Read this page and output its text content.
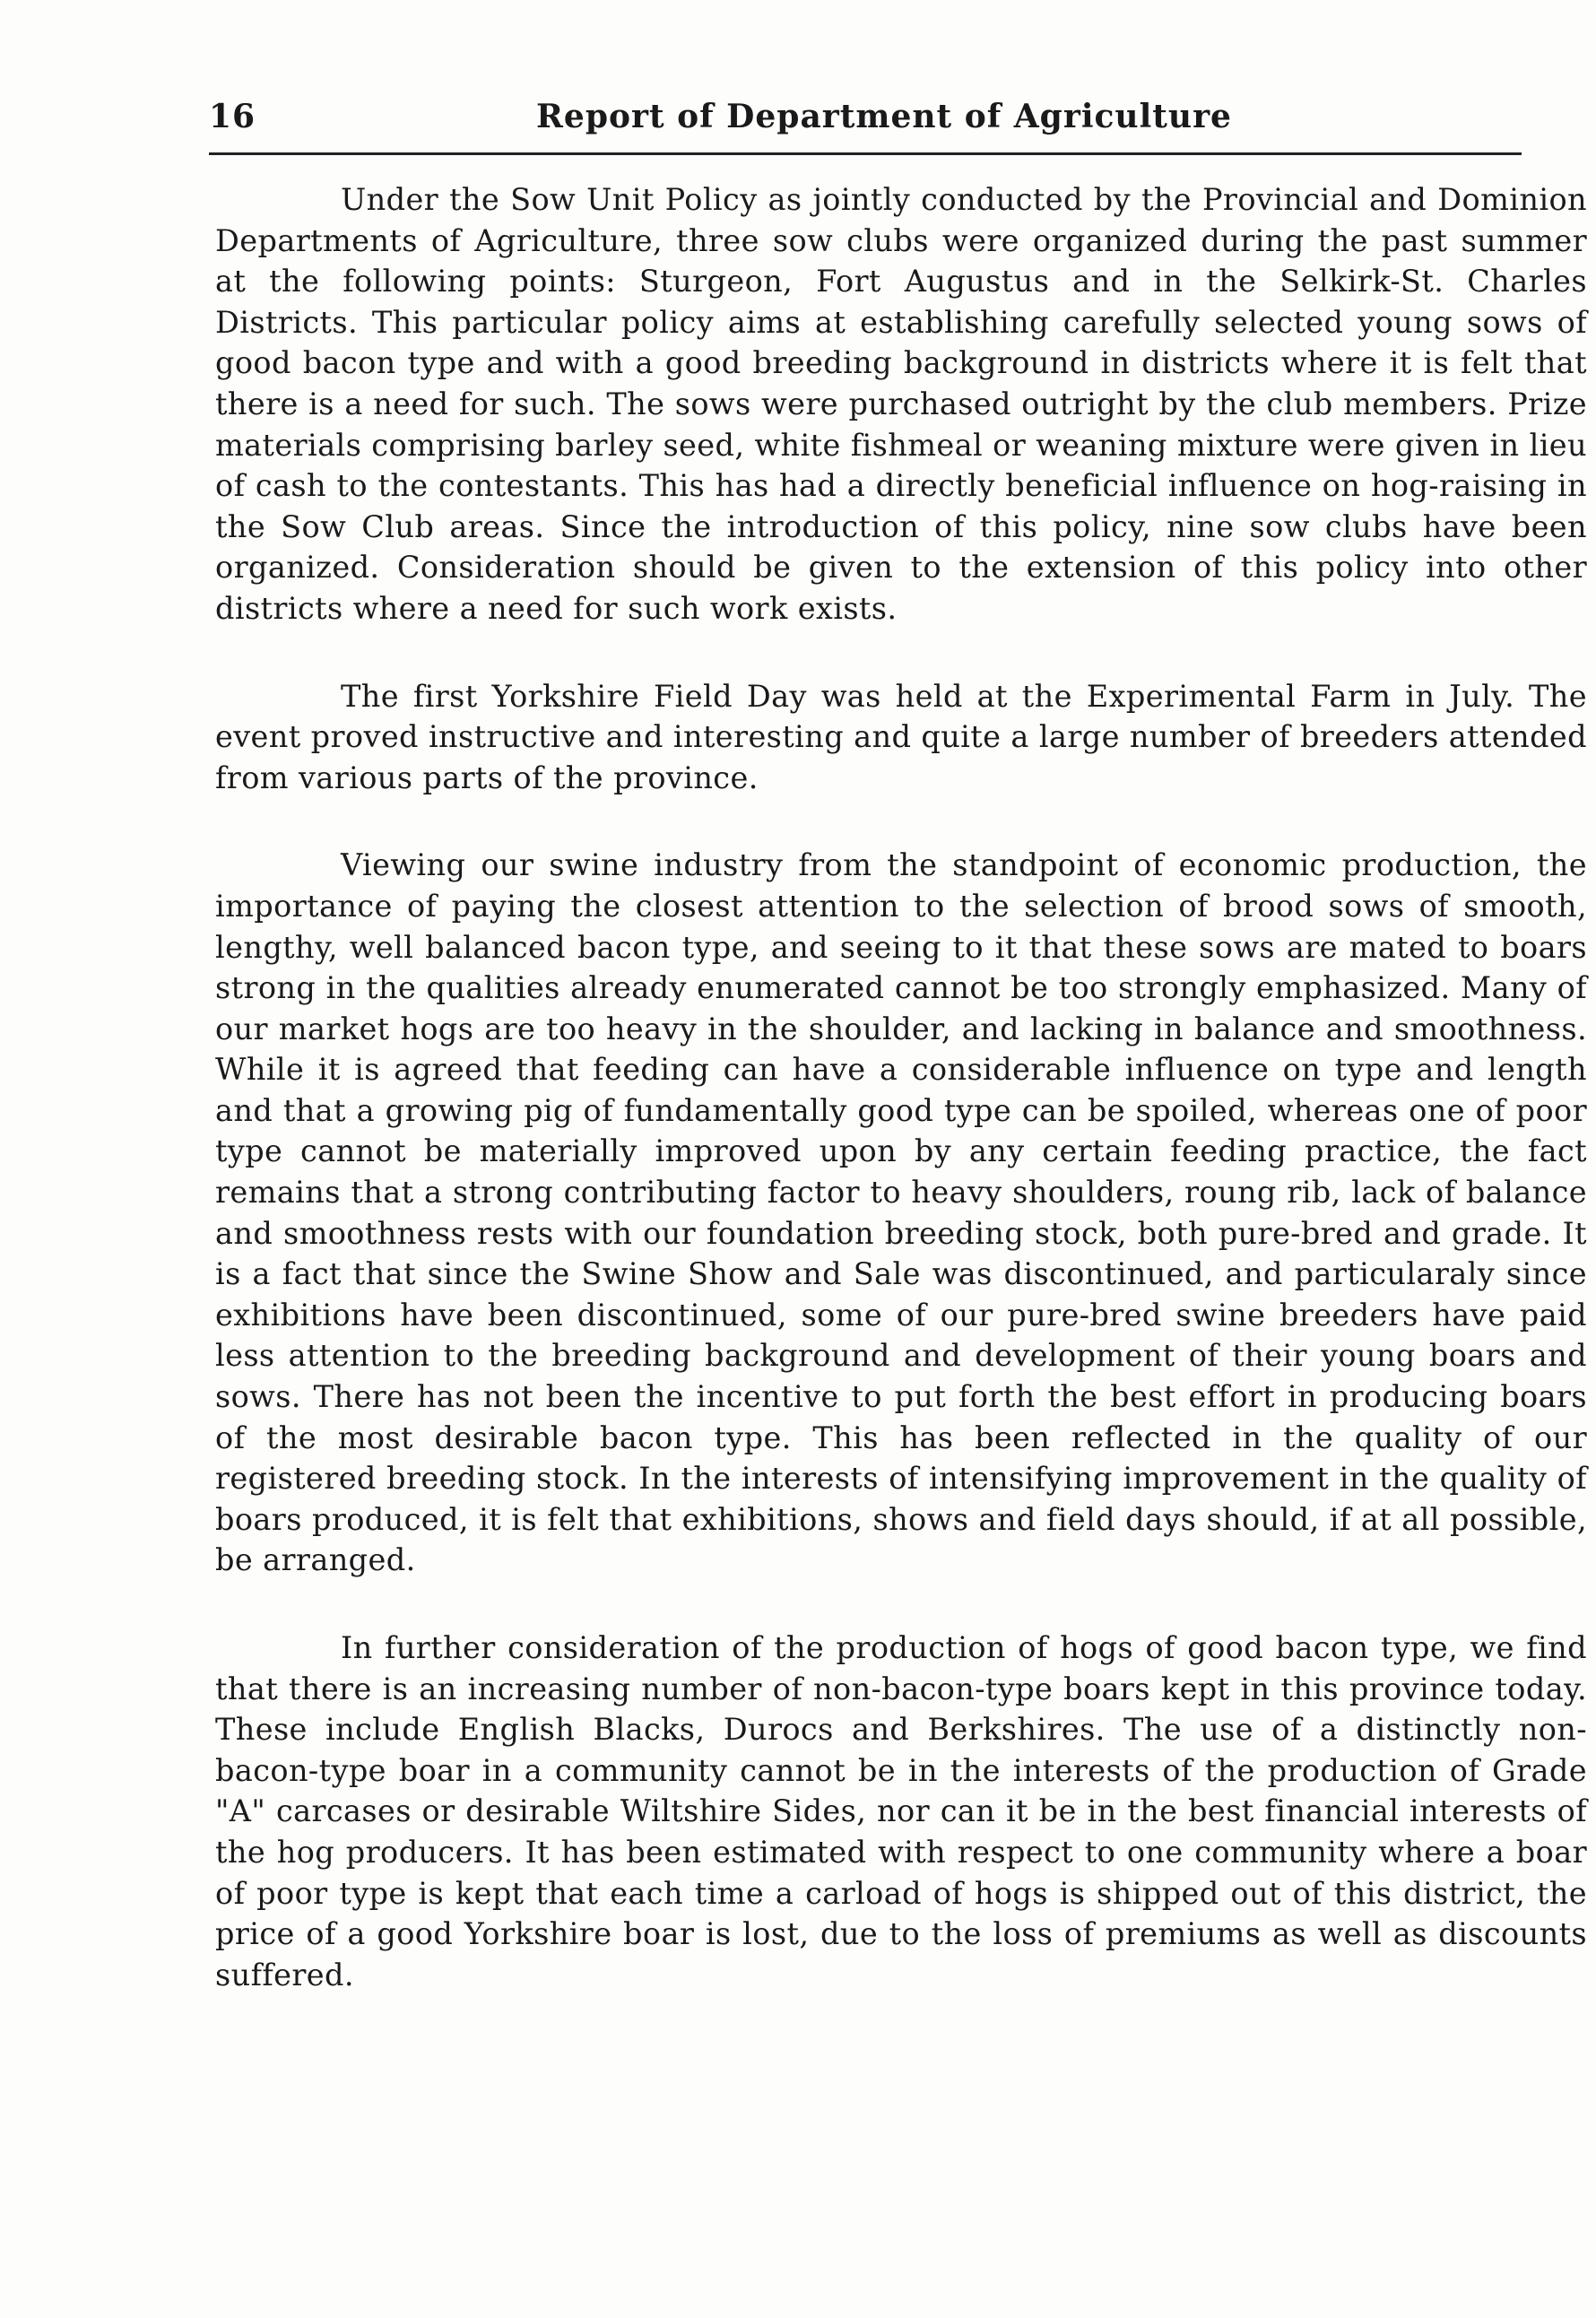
16	Report of Department of Agriculture

Under the Sow Unit Policy as jointly conducted by the Provincial and Dominion Departments of Agriculture, three sow clubs were organized during the past summer at the following points: Sturgeon, Fort Augustus and in the Selkirk-St. Charles Districts. This particular policy aims at establishing carefully selected young sows of good bacon type and with a good breeding background in districts where it is felt that there is a need for such. The sows were purchased outright by the club members. Prize materials comprising barley seed, white fishmeal or weaning mixture were given in lieu of cash to the contestants. This has had a directly beneficial influence on hog-raising in the Sow Club areas. Since the introduction of this policy, nine sow clubs have been organized. Consideration should be given to the extension of this policy into other districts where a need for such work exists.

The first Yorkshire Field Day was held at the Experimental Farm in July. The event proved instructive and interesting and quite a large number of breeders attended from various parts of the province.

Viewing our swine industry from the standpoint of economic production, the importance of paying the closest attention to the selection of brood sows of smooth, lengthy, well balanced bacon type, and seeing to it that these sows are mated to boars strong in the qualities already enumerated cannot be too strongly emphasized. Many of our market hogs are too heavy in the shoulder, and lacking in balance and smoothness. While it is agreed that feeding can have a considerable influence on type and length and that a growing pig of fundamentally good type can be spoiled, whereas one of poor type cannot be materially improved upon by any certain feeding practice, the fact remains that a strong contributing factor to heavy shoulders, roung rib, lack of balance and smoothness rests with our foundation breeding stock, both pure-bred and grade. It is a fact that since the Swine Show and Sale was discontinued, and particularaly since exhibitions have been discontinued, some of our pure-bred swine breeders have paid less attention to the breeding background and development of their young boars and sows. There has not been the incentive to put forth the best effort in producing boars of the most desirable bacon type. This has been reflected in the quality of our registered breeding stock. In the interests of intensifying improvement in the quality of boars produced, it is felt that exhibitions, shows and field days should, if at all possible, be arranged.

In further consideration of the production of hogs of good bacon type, we find that there is an increasing number of non-bacon-type boars kept in this province today. These include English Blacks, Durocs and Berkshires. The use of a distinctly non-bacon-type boar in a community cannot be in the interests of the production of Grade "A" carcases or desirable Wiltshire Sides, nor can it be in the best financial interests of the hog producers. It has been estimated with respect to one community where a boar of poor type is kept that each time a carload of hogs is shipped out of this district, the price of a good Yorkshire boar is lost, due to the loss of premiums as well as discounts suffered.
